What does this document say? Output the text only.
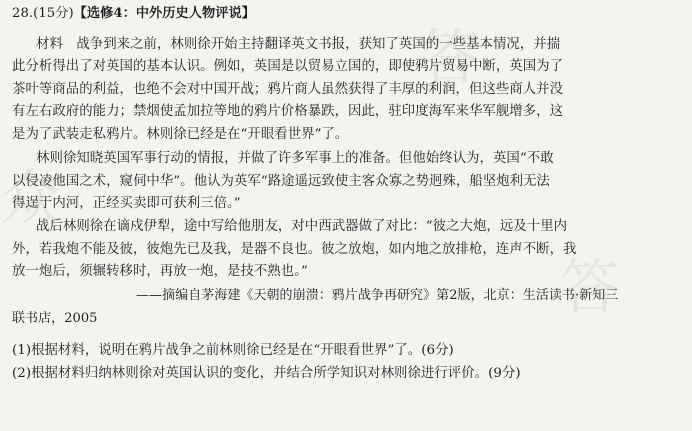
众
答
答
28.(15分)【选修4：中外历史人物评说】
材料　战争到来之前，林则徐开始主持翻译英文书报，获知了英国的一些基本情况，并揣
此分析得出了对英国的基本认识。例如，英国是以贸易立国的，即使鸦片贸易中断，英国为了
茶叶等商品的利益，也绝不会对中国开战；鸦片商人虽然获得了丰厚的利润，但这些商人并没
有左右政府的能力；禁烟使孟加拉等地的鸦片价格暴跌，因此，驻印度海军来华军舰增多，这
是为了武装走私鸦片。林则徐已经是在“开眼看世界”了。
林则徐知晓英国军事行动的情报，并做了许多军事上的准备。但他始终认为，英国“不敢
以侵凌他国之术，窥伺中华”。他认为英军“路途遥远致使主客众寡之势迥殊，船坚炮利无法
得逞于内河，正经买卖即可获利三倍。”
战后林则徐在谪戍伊犁，途中写给他朋友，对中西武器做了对比：“彼之大炮，远及十里内
外，若我炮不能及彼，彼炮先已及我，是器不良也。彼之放炮，如内地之放排枪，连声不断，我
放一炮后，须辗转移时，再放一炮，是技不熟也。”
——摘编自茅海建《天朝的崩溃：鸦片战争再研究》第2版，北京：生活读书·新知三
联书店，2005
(1)根据材料，说明在鸦片战争之前林则徐已经是在“开眼看世界”了。(6分)
(2)根据材料归纳林则徐对英国认识的变化，并结合所学知识对林则徐进行评价。(9分)
